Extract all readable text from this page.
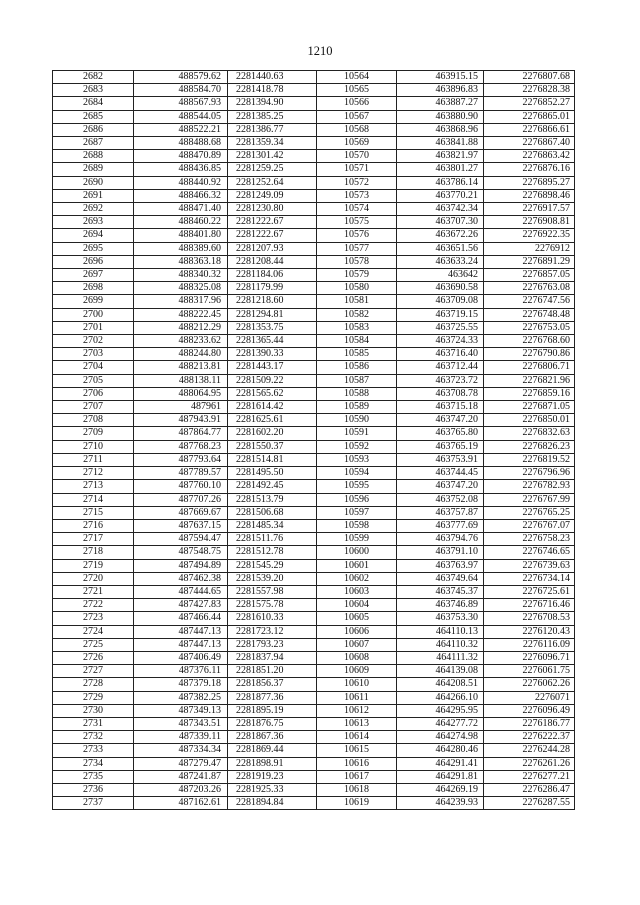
1210
2682	488579.62	2281440.63	10564	463915.15	2276807.68
2683	488584.70	2281418.78	10565	463896.83	2276828.38
2684	488567.93	2281394.90	10566	463887.27	2276852.27
2685	488544.05	2281385.25	10567	463880.90	2276865.01
2686	488522.21	2281386.77	10568	463868.96	2276866.61
2687	488488.68	2281359.34	10569	463841.88	2276867.40
2688	488470.89	2281301.42	10570	463821.97	2276863.42
2689	488436.85	2281259.25	10571	463801.27	2276876.16
2690	488440.92	2281252.64	10572	463786.14	2276895.27
2691	488466.32	2281249.09	10573	463770.21	2276898.46
2692	488471.40	2281230.80	10574	463742.34	2276917.57
2693	488460.22	2281222.67	10575	463707.30	2276908.81
2694	488401.80	2281222.67	10576	463672.26	2276922.35
2695	488389.60	2281207.93	10577	463651.56	2276912
2696	488363.18	2281208.44	10578	463633.24	2276891.29
2697	488340.32	2281184.06	10579	463642	2276857.05
2698	488325.08	2281179.99	10580	463690.58	2276763.08
2699	488317.96	2281218.60	10581	463709.08	2276747.56
2700	488222.45	2281294.81	10582	463719.15	2276748.48
2701	488212.29	2281353.75	10583	463725.55	2276753.05
2702	488233.62	2281365.44	10584	463724.33	2276768.60
2703	488244.80	2281390.33	10585	463716.40	2276790.86
2704	488213.81	2281443.17	10586	463712.44	2276806.71
2705	488138.11	2281509.22	10587	463723.72	2276821.96
2706	488064.95	2281565.62	10588	463708.78	2276859.16
2707	487961	2281614.42	10589	463715.18	2276871.05
2708	487943.91	2281625.61	10590	463747.20	2276850.01
2709	487864.77	2281602.20	10591	463765.80	2276832.63
2710	487768.23	2281550.37	10592	463765.19	2276826.23
2711	487793.64	2281514.81	10593	463753.91	2276819.52
2712	487789.57	2281495.50	10594	463744.45	2276796.96
2713	487760.10	2281492.45	10595	463747.20	2276782.93
2714	487707.26	2281513.79	10596	463752.08	2276767.99
2715	487669.67	2281506.68	10597	463757.87	2276765.25
2716	487637.15	2281485.34	10598	463777.69	2276767.07
2717	487594.47	2281511.76	10599	463794.76	2276758.23
2718	487548.75	2281512.78	10600	463791.10	2276746.65
2719	487494.89	2281545.29	10601	463763.97	2276739.63
2720	487462.38	2281539.20	10602	463749.64	2276734.14
2721	487444.65	2281557.98	10603	463745.37	2276725.61
2722	487427.83	2281575.78	10604	463746.89	2276716.46
2723	487466.44	2281610.33	10605	463753.30	2276708.53
2724	487447.13	2281723.12	10606	464110.13	2276120.43
2725	487447.13	2281793.23	10607	464110.32	2276116.09
2726	487406.49	2281837.94	10608	464111.32	2276096.71
2727	487376.11	2281851.20	10609	464139.08	2276061.75
2728	487379.18	2281856.37	10610	464208.51	2276062.26
2729	487382.25	2281877.36	10611	464266.10	2276071
2730	487349.13	2281895.19	10612	464295.95	2276096.49
2731	487343.51	2281876.75	10613	464277.72	2276186.77
2732	487339.11	2281867.36	10614	464274.98	2276222.37
2733	487334.34	2281869.44	10615	464280.46	2276244.28
2734	487279.47	2281898.91	10616	464291.41	2276261.26
2735	487241.87	2281919.23	10617	464291.81	2276277.21
2736	487203.26	2281925.33	10618	464269.19	2276286.47
2737	487162.61	2281894.84	10619	464239.93	2276287.55
